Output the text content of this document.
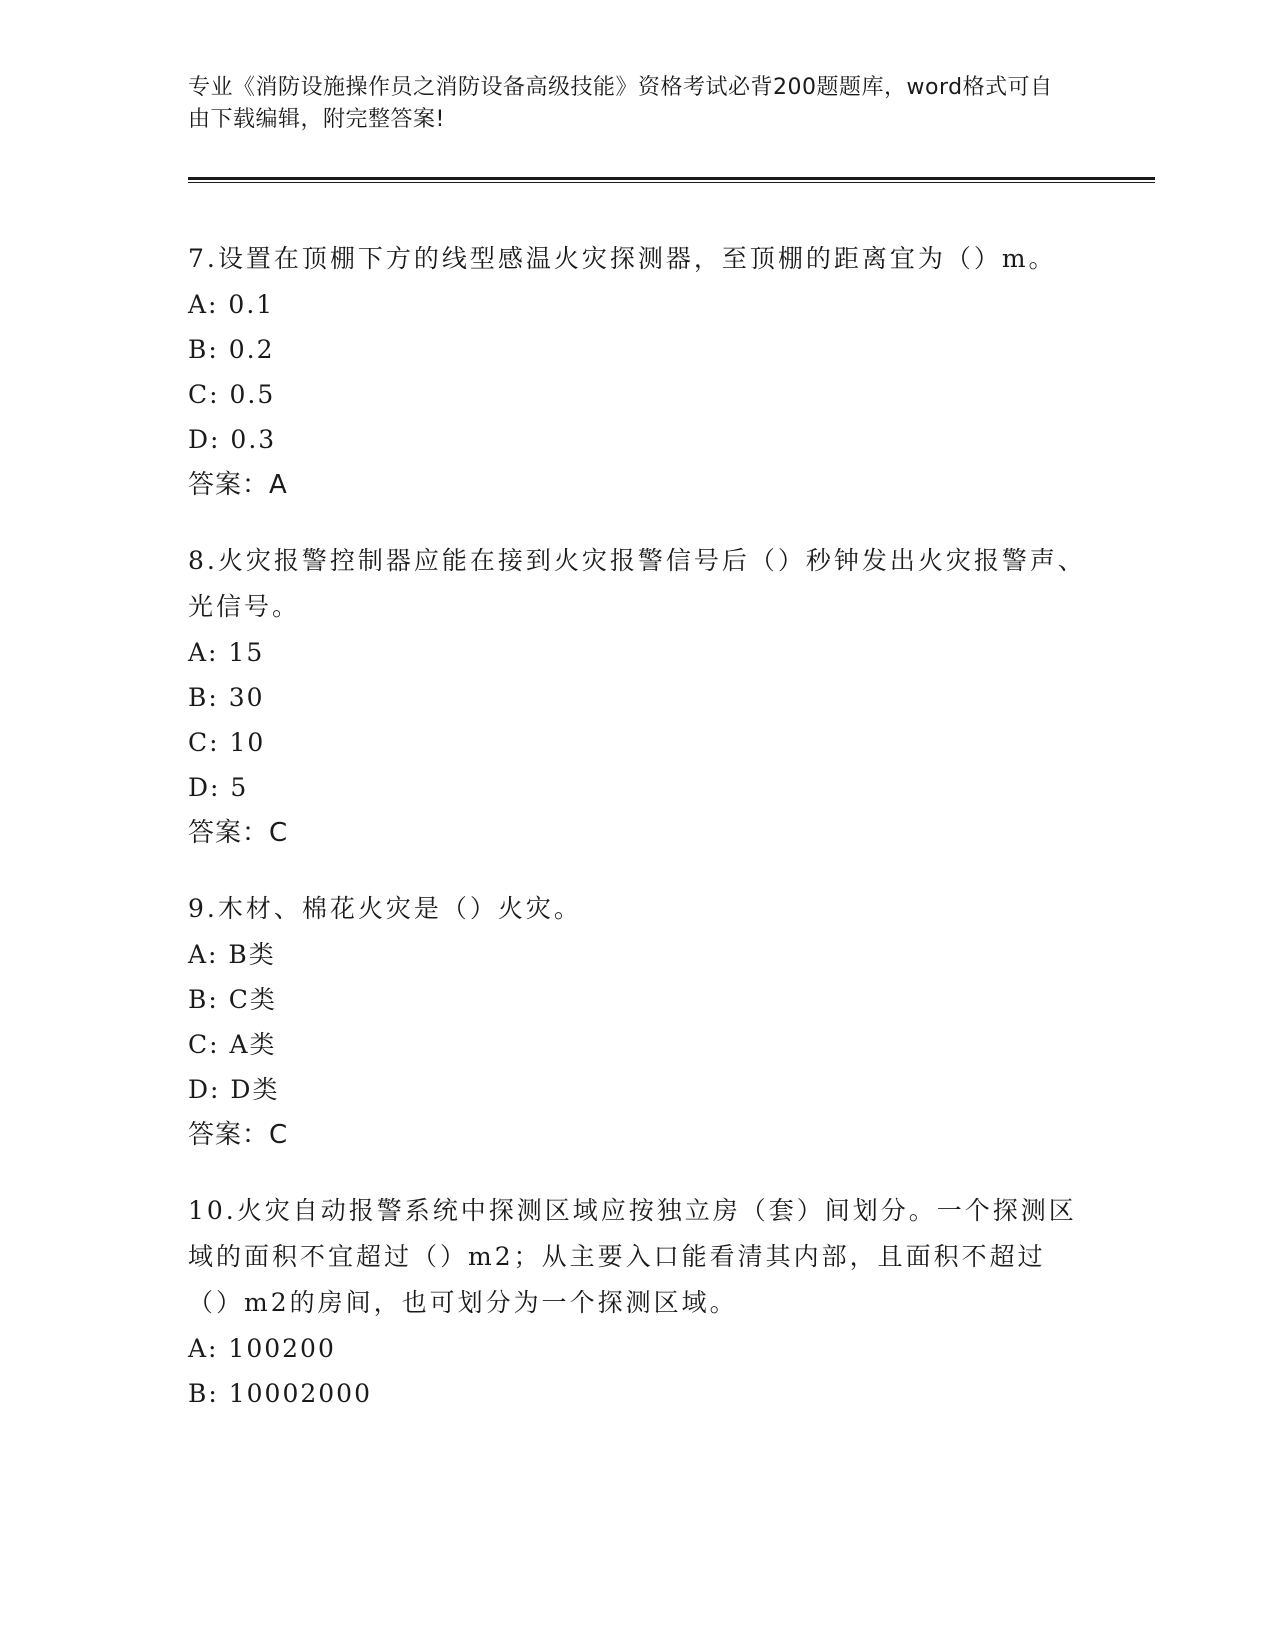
专业《消防设施操作员之消防设备高级技能》资格考试必背200题题库，word格式可自由下载编辑，附完整答案!

7.设置在顶棚下方的线型感温火灾探测器，至顶棚的距离宜为（）m。

A: 0.1

B: 0.2

C: 0.5

D: 0.3

答案：A

8.火灾报警控制器应能在接到火灾报警信号后（）秒钟发出火灾报警声、光信号。

A: 15

B: 30

C: 10

D: 5

答案：C

9.木材、棉花火灾是（）火灾。

A: B类

B: C类

C: A类

D: D类

答案：C

10.火灾自动报警系统中探测区域应按独立房（套）间划分。一个探测区域的面积不宜超过（）m2；从主要入口能看清其内部，且面积不超过（）m2的房间，也可划分为一个探测区域。

A: 100200

B: 10002000
